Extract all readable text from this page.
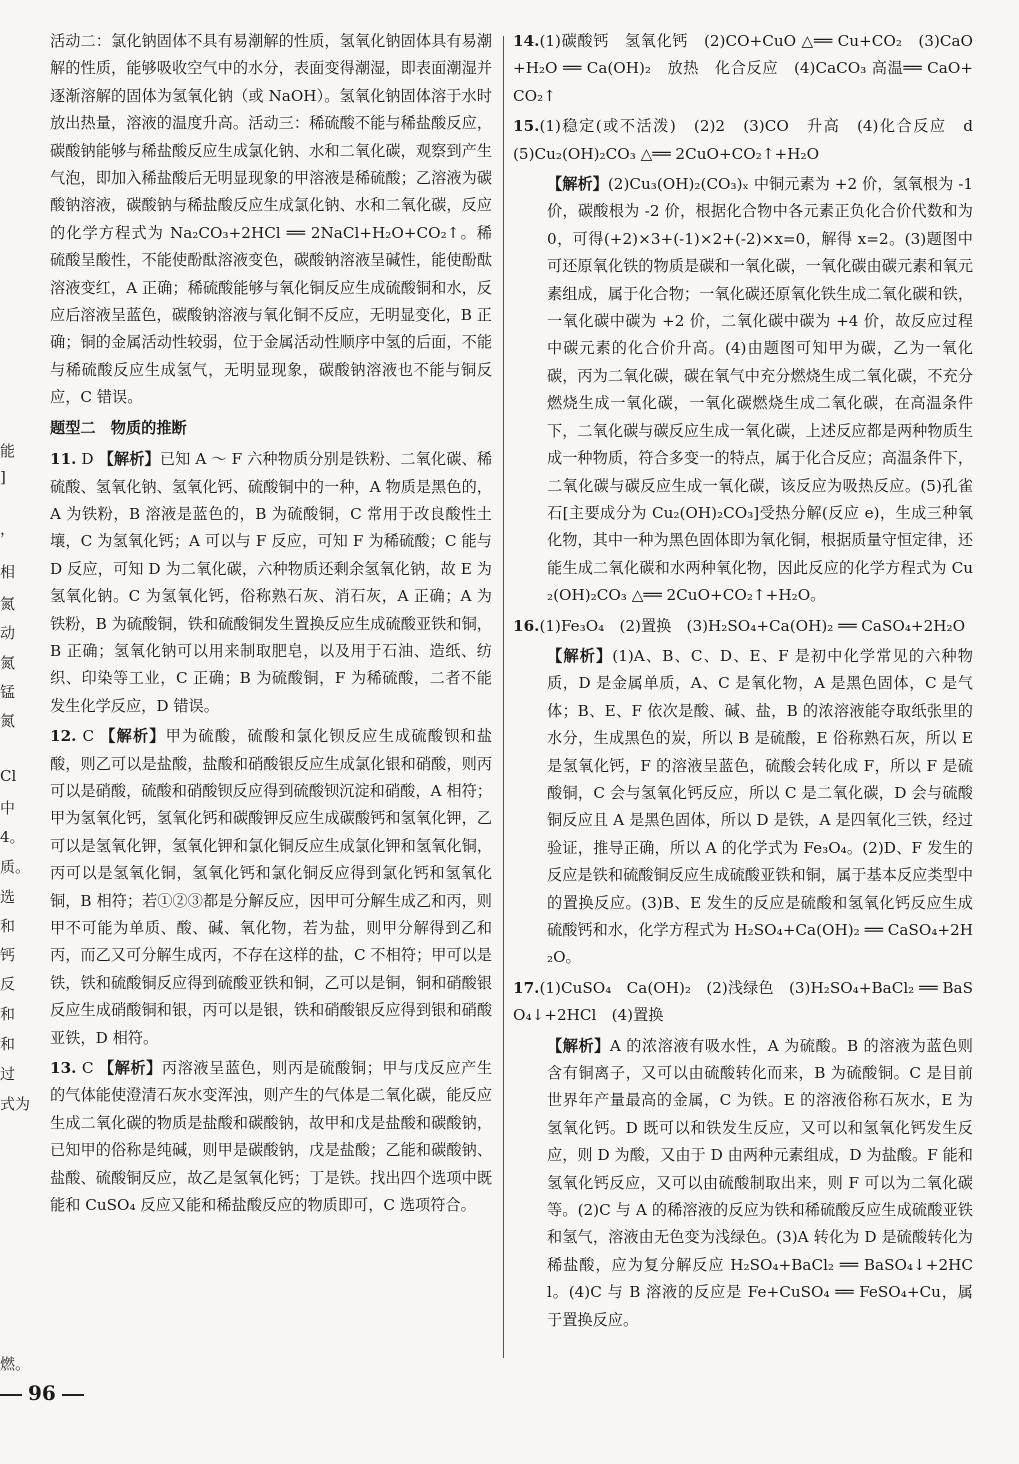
能
]
，
相
氮
动
氮
锰
氮
Cl
中
4。
质。
选
和
钙
反
和
和
过
式为
燃。

活动二：氯化钠固体不具有易潮解的性质，氢氧化钠固体具有易潮解的性质，能够吸收空气中的水分，表面变得潮湿，即表面潮湿并逐渐溶解的固体为氢氧化钠（或 NaOH）。氢氧化钠固体溶于水时放出热量，溶液的温度升高。活动三：稀硫酸不能与稀盐酸反应，碳酸钠能够与稀盐酸反应生成氯化钠、水和二氧化碳，观察到产生气泡，即加入稀盐酸后无明显现象的甲溶液是稀硫酸；乙溶液为碳酸钠溶液，碳酸钠与稀盐酸反应生成氯化钠、水和二氧化碳，反应的化学方程式为 Na₂CO₃+2HCl ══ 2NaCl+H₂O+CO₂↑。稀硫酸呈酸性，不能使酚酞溶液变色，碳酸钠溶液呈碱性，能使酚酞溶液变红，A 正确；稀硫酸能够与氧化铜反应生成硫酸铜和水，反应后溶液呈蓝色，碳酸钠溶液与氧化铜不反应，无明显变化，B 正确；铜的金属活动性较弱，位于金属活动性顺序中氢的后面，不能与稀硫酸反应生成氢气，无明显现象，碳酸钠溶液也不能与铜反应，C 错误。

题型二　物质的推断

11. D 【解析】已知 A ～ F 六种物质分别是铁粉、二氧化碳、稀硫酸、氢氧化钠、氢氧化钙、硫酸铜中的一种，A 物质是黑色的，A 为铁粉，B 溶液是蓝色的，B 为硫酸铜，C 常用于改良酸性土壤，C 为氢氧化钙；A 可以与 F 反应，可知 F 为稀硫酸；C 能与 D 反应，可知 D 为二氧化碳，六种物质还剩余氢氧化钠，故 E 为氢氧化钠。C 为氢氧化钙，俗称熟石灰、消石灰，A 正确；A 为铁粉，B 为硫酸铜，铁和硫酸铜发生置换反应生成硫酸亚铁和铜，B 正确；氢氧化钠可以用来制取肥皂，以及用于石油、造纸、纺织、印染等工业，C 正确；B 为硫酸铜，F 为稀硫酸，二者不能发生化学反应，D 错误。

12. C 【解析】甲为硫酸，硫酸和氯化钡反应生成硫酸钡和盐酸，则乙可以是盐酸，盐酸和硝酸银反应生成氯化银和硝酸，则丙可以是硝酸，硫酸和硝酸钡反应得到硫酸钡沉淀和硝酸，A 相符；甲为氢氧化钙，氢氧化钙和碳酸钾反应生成碳酸钙和氢氧化钾，乙可以是氢氧化钾，氢氧化钾和氯化铜反应生成氯化钾和氢氧化铜，丙可以是氢氧化铜，氢氧化钙和氯化铜反应得到氯化钙和氢氧化铜，B 相符；若①②③都是分解反应，因甲可分解生成乙和丙，则甲不可能为单质、酸、碱、氧化物，若为盐，则甲分解得到乙和丙，而乙又可分解生成丙，不存在这样的盐，C 不相符；甲可以是铁，铁和硫酸铜反应得到硫酸亚铁和铜，乙可以是铜，铜和硝酸银反应生成硝酸铜和银，丙可以是银，铁和硝酸银反应得到银和硝酸亚铁，D 相符。

13. C 【解析】丙溶液呈蓝色，则丙是硫酸铜；甲与戊反应产生的气体能使澄清石灰水变浑浊，则产生的气体是二氧化碳，能反应生成二氧化碳的物质是盐酸和碳酸钠，故甲和戊是盐酸和碳酸钠，已知甲的俗称是纯碱，则甲是碳酸钠，戊是盐酸；乙能和碳酸钠、盐酸、硫酸铜反应，故乙是氢氧化钙；丁是铁。找出四个选项中既能和 CuSO₄ 反应又能和稀盐酸反应的物质即可，C 选项符合。

14.(1)碳酸钙　氢氧化钙　(2)CO+CuO △══ Cu+CO₂　(3)CaO+H₂O ══ Ca(OH)₂　放热　化合反应　(4)CaCO₃ 高温══ CaO+CO₂↑

15.(1)稳定(或不活泼)　(2)2　(3)CO　升高　(4)化合反应　d　(5)Cu₂(OH)₂CO₃ △══ 2CuO+CO₂↑+H₂O

【解析】(2)Cu₃(OH)₂(CO₃)ₓ 中铜元素为 +2 价，氢氧根为 -1 价，碳酸根为 -2 价，根据化合物中各元素正负化合价代数和为 0，可得(+2)×3+(-1)×2+(-2)×x=0，解得 x=2。(3)题图中可还原氧化铁的物质是碳和一氧化碳，一氧化碳由碳元素和氧元素组成，属于化合物；一氧化碳还原氧化铁生成二氧化碳和铁，一氧化碳中碳为 +2 价，二氧化碳中碳为 +4 价，故反应过程中碳元素的化合价升高。(4)由题图可知甲为碳，乙为一氧化碳，丙为二氧化碳，碳在氧气中充分燃烧生成二氧化碳，不充分燃烧生成一氧化碳，一氧化碳燃烧生成二氧化碳，在高温条件下，二氧化碳与碳反应生成一氧化碳，上述反应都是两种物质生成一种物质，符合多变一的特点，属于化合反应；高温条件下，二氧化碳与碳反应生成一氧化碳，该反应为吸热反应。(5)孔雀石[主要成分为 Cu₂(OH)₂CO₃]受热分解(反应 e)，生成三种氧化物，其中一种为黑色固体即为氧化铜，根据质量守恒定律，还能生成二氧化碳和水两种氧化物，因此反应的化学方程式为 Cu₂(OH)₂CO₃ △══ 2CuO+CO₂↑+H₂O。

16.(1)Fe₃O₄　(2)置换　(3)H₂SO₄+Ca(OH)₂ ══ CaSO₄+2H₂O

【解析】(1)A、B、C、D、E、F 是初中化学常见的六种物质，D 是金属单质，A、C 是氧化物，A 是黑色固体，C 是气体；B、E、F 依次是酸、碱、盐，B 的浓溶液能夺取纸张里的水分，生成黑色的炭，所以 B 是硫酸，E 俗称熟石灰，所以 E 是氢氧化钙，F 的溶液呈蓝色，硫酸会转化成 F，所以 F 是硫酸铜，C 会与氢氧化钙反应，所以 C 是二氧化碳，D 会与硫酸铜反应且 A 是黑色固体，所以 D 是铁，A 是四氧化三铁，经过验证，推导正确，所以 A 的化学式为 Fe₃O₄。(2)D、F 发生的反应是铁和硫酸铜反应生成硫酸亚铁和铜，属于基本反应类型中的置换反应。(3)B、E 发生的反应是硫酸和氢氧化钙反应生成硫酸钙和水，化学方程式为 H₂SO₄+Ca(OH)₂ ══ CaSO₄+2H₂O。

17.(1)CuSO₄　Ca(OH)₂　(2)浅绿色　(3)H₂SO₄+BaCl₂ ══ BaSO₄↓+2HCl　(4)置换

【解析】A 的浓溶液有吸水性，A 为硫酸。B 的溶液为蓝色则含有铜离子，又可以由硫酸转化而来，B 为硫酸铜。C 是目前世界年产量最高的金属，C 为铁。E 的溶液俗称石灰水，E 为氢氧化钙。D 既可以和铁发生反应，又可以和氢氧化钙发生反应，则 D 为酸，又由于 D 由两种元素组成，D 为盐酸。F 能和氢氧化钙反应，又可以由硫酸制取出来，则 F 可以为二氧化碳等。(2)C 与 A 的稀溶液的反应为铁和稀硫酸反应生成硫酸亚铁和氢气，溶液由无色变为浅绿色。(3)A 转化为 D 是硫酸转化为稀盐酸，应为复分解反应 H₂SO₄+BaCl₂ ══ BaSO₄↓+2HCl。(4)C 与 B 溶液的反应是 Fe+CuSO₄ ══ FeSO₄+Cu，属于置换反应。

96
